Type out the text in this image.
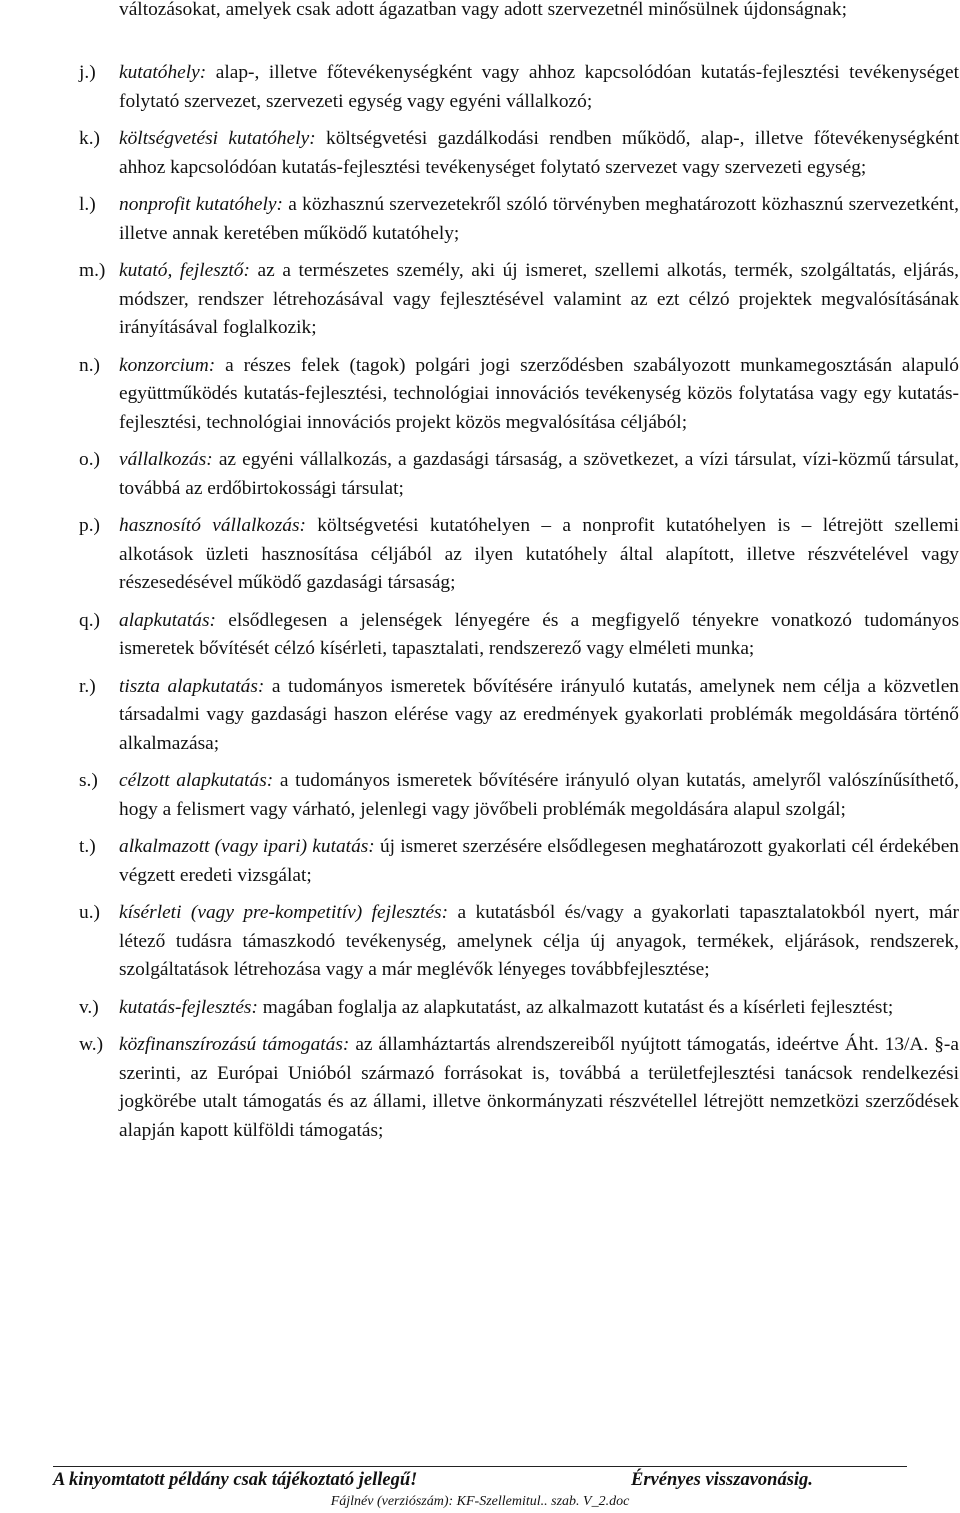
változásokat, amelyek csak adott ágazatban vagy adott szervezetnél minősülnek újdonságnak;
j.) kutatóhely: alap-, illetve főtevékenységként vagy ahhoz kapcsolódóan kutatás-fejlesztési tevékenységet folytató szervezet, szervezeti egység vagy egyéni vállalkozó;
k.) költségvetési kutatóhely: költségvetési gazdálkodási rendben működő, alap-, illetve főtevékenységként ahhoz kapcsolódóan kutatás-fejlesztési tevékenységet folytató szervezet vagy szervezeti egység;
l.) nonprofit kutatóhely: a közhasznú szervezetekről szóló törvényben meghatározott közhasznú szervezetként, illetve annak keretében működő kutatóhely;
m.) kutató, fejlesztő: az a természetes személy, aki új ismeret, szellemi alkotás, termék, szolgáltatás, eljárás, módszer, rendszer létrehozásával vagy fejlesztésével valamint az ezt célzó projektek megvalósításának irányításával foglalkozik;
n.) konzorcium: a részes felek (tagok) polgári jogi szerződésben szabályozott munkamegosztásán alapuló együttműködés kutatás-fejlesztési, technológiai innovációs tevékenység közös folytatása vagy egy kutatás-fejlesztési, technológiai innovációs projekt közös megvalósítása céljából;
o.) vállalkozás: az egyéni vállalkozás, a gazdasági társaság, a szövetkezet, a vízi társulat, vízi-közmű társulat, továbbá az erdőbirtokossági társulat;
p.) hasznosító vállalkozás: költségvetési kutatóhelyen – a nonprofit kutatóhelyen is – létrejött szellemi alkotások üzleti hasznosítása céljából az ilyen kutatóhely által alapított, illetve részvételével vagy részesedésével működő gazdasági társaság;
q.) alapkutatás: elsődlegesen a jelenségek lényegére és a megfigyelő tényekre vonatkozó tudományos ismeretek bővítését célzó kísérleti, tapasztalati, rendszerező vagy elméleti munka;
r.) tiszta alapkutatás: a tudományos ismeretek bővítésére irányuló kutatás, amelynek nem célja a közvetlen társadalmi vagy gazdasági haszon elérése vagy az eredmények gyakorlati problémák megoldására történő alkalmazása;
s.) célzott alapkutatás: a tudományos ismeretek bővítésére irányuló olyan kutatás, amelyről valószínűsíthető, hogy a felismert vagy várható, jelenlegi vagy jövőbeli problémák megoldására alapul szolgál;
t.) alkalmazott (vagy ipari) kutatás: új ismeret szerzésére elsődlegesen meghatározott gyakorlati cél érdekében végzett eredeti vizsgálat;
u.) kísérleti (vagy pre-kompetitív) fejlesztés: a kutatásból és/vagy a gyakorlati tapasztalatokból nyert, már létező tudásra támaszkodó tevékenység, amelynek célja új anyagok, termékek, eljárások, rendszerek, szolgáltatások létrehozása vagy a már meglévők lényeges továbbfejlesztése;
v.) kutatás-fejlesztés: magában foglalja az alapkutatást, az alkalmazott kutatást és a kísérleti fejlesztést;
w.) közfinanszírozású támogatás: az államháztartás alrendszereiből nyújtott támogatás, ideértve Áht. 13/A. §-a szerinti, az Európai Unióból származó forrásokat is, továbbá a területfejlesztési tanácsok rendelkezési jogkörébe utalt támogatás és az állami, illetve önkormányzati részvétellel létrejött nemzetközi szerződések alapján kapott külföldi támogatás;
A kinyomtatott példány csak tájékoztató jellegű!	Érvényes visszavonásig.
Fájlnév (verziószám): KF-Szellemitul.. szab. V_2.doc
